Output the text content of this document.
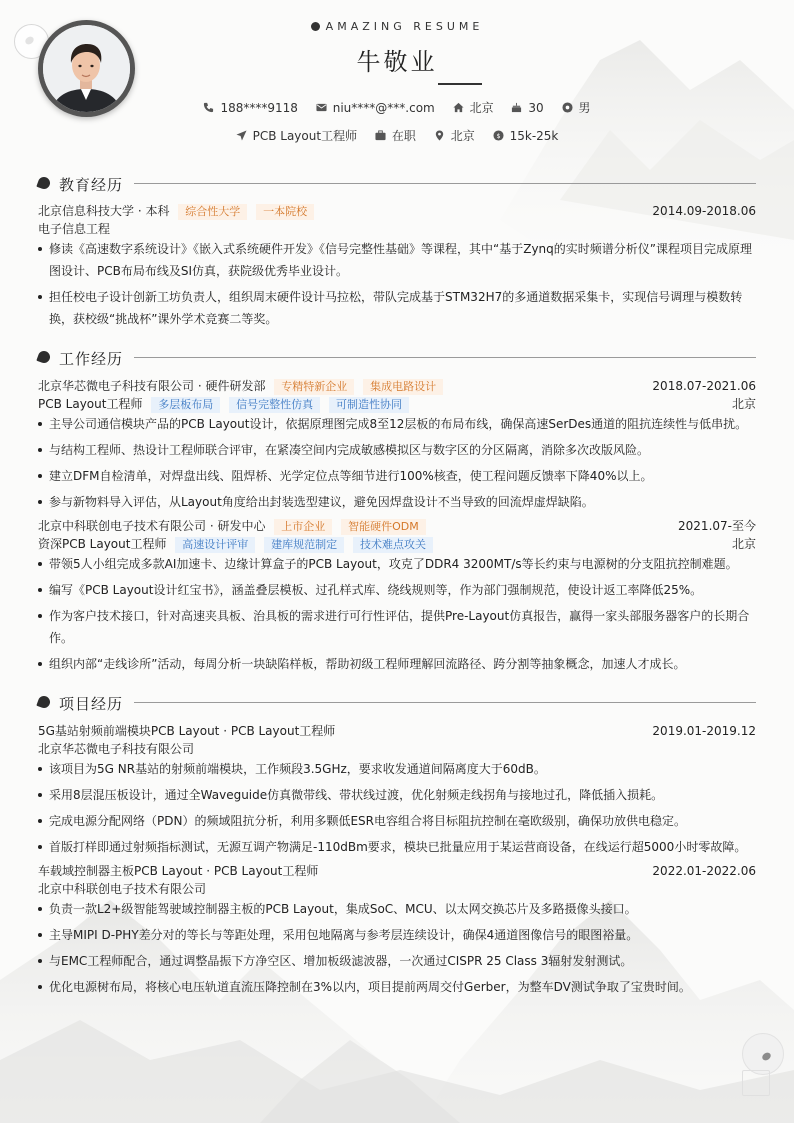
AMAZING RESUME
牛敬业
188****9118	niu****@***.com	北京	30	男
PCB Layout工程师	在职	北京	$ 15k-25k
教育经历
北京信息科技大学 · 本科 综合性大学 一本院校	2014.09-2018.06
电子信息工程
修读《高速数字系统设计》《嵌入式系统硬件开发》《信号完整性基础》等课程，其中“基于Zynq的实时频谱分析仪”课程项目完成原理图设计、PCB布局布线及SI仿真，获院级优秀毕业设计。
担任校电子设计创新工坊负责人，组织周末硬件设计马拉松，带队完成基于STM32H7的多通道数据采集卡，实现信号调理与模数转换，获校级“挑战杯”课外学术竞赛二等奖。
工作经历
北京华芯微电子科技有限公司 · 硬件研发部 专精特新企业 集成电路设计	2018.07-2021.06
PCB Layout工程师 多层板布局 信号完整性仿真 可制造性协同	北京
主导公司通信模块产品的PCB Layout设计，依据原理图完成8至12层板的布局布线，确保高速SerDes通道的阻抗连续性与低串扰。
与结构工程师、热设计工程师联合评审，在紧凑空间内完成敏感模拟区与数字区的分区隔离，消除多次改版风险。
建立DFM自检清单，对焊盘出线、阻焊桥、光学定位点等细节进行100%核查，使工程问题反馈率下降40%以上。
参与新物料导入评估，从Layout角度给出封装选型建议，避免因焊盘设计不当导致的回流焊虚焊缺陷。
北京中科联创电子技术有限公司 · 研发中心 上市企业 智能硬件ODM	2021.07-至今
资深PCB Layout工程师 高速设计评审 建库规范制定 技术难点攻关	北京
带领5人小组完成多款AI加速卡、边缘计算盒子的PCB Layout，攻克了DDR4 3200MT/s等长约束与电源树的分支阻抗控制难题。
编写《PCB Layout设计红宝书》，涵盖叠层模板、过孔样式库、绕线规则等，作为部门强制规范，使设计返工率降低25%。
作为客户技术接口，针对高速夹具板、治具板的需求进行可行性评估，提供Pre-Layout仿真报告，赢得一家头部服务器客户的长期合作。
组织内部“走线诊所”活动，每周分析一块缺陷样板，帮助初级工程师理解回流路径、跨分割等抽象概念，加速人才成长。
项目经历
5G基站射频前端模块PCB Layout · PCB Layout工程师	2019.01-2019.12
北京华芯微电子科技有限公司
该项目为5G NR基站的射频前端模块，工作频段3.5GHz，要求收发通道间隔离度大于60dB。
采用8层混压板设计，通过全Waveguide仿真微带线、带状线过渡，优化射频走线拐角与接地过孔，降低插入损耗。
完成电源分配网络（PDN）的频域阻抗分析，利用多颗低ESR电容组合将目标阻抗控制在毫欧级别，确保功放供电稳定。
首版打样即通过射频指标测试，无源互调产物满足-110dBm要求，模块已批量应用于某运营商设备，在线运行超5000小时零故障。
车载域控制器主板PCB Layout · PCB Layout工程师	2022.01-2022.06
北京中科联创电子技术有限公司
负责一款L2+级智能驾驶域控制器主板的PCB Layout，集成SoC、MCU、以太网交换芯片及多路摄像头接口。
主导MIPI D-PHY差分对的等长与等距处理，采用包地隔离与参考层连续设计，确保4通道图像信号的眼图裕量。
与EMC工程师配合，通过调整晶振下方净空区、增加板级滤波器，一次通过CISPR 25 Class 3辐射发射测试。
优化电源树布局，将核心电压轨道直流压降控制在3%以内，项目提前两周交付Gerber，为整车DV测试争取了宝贵时间。
